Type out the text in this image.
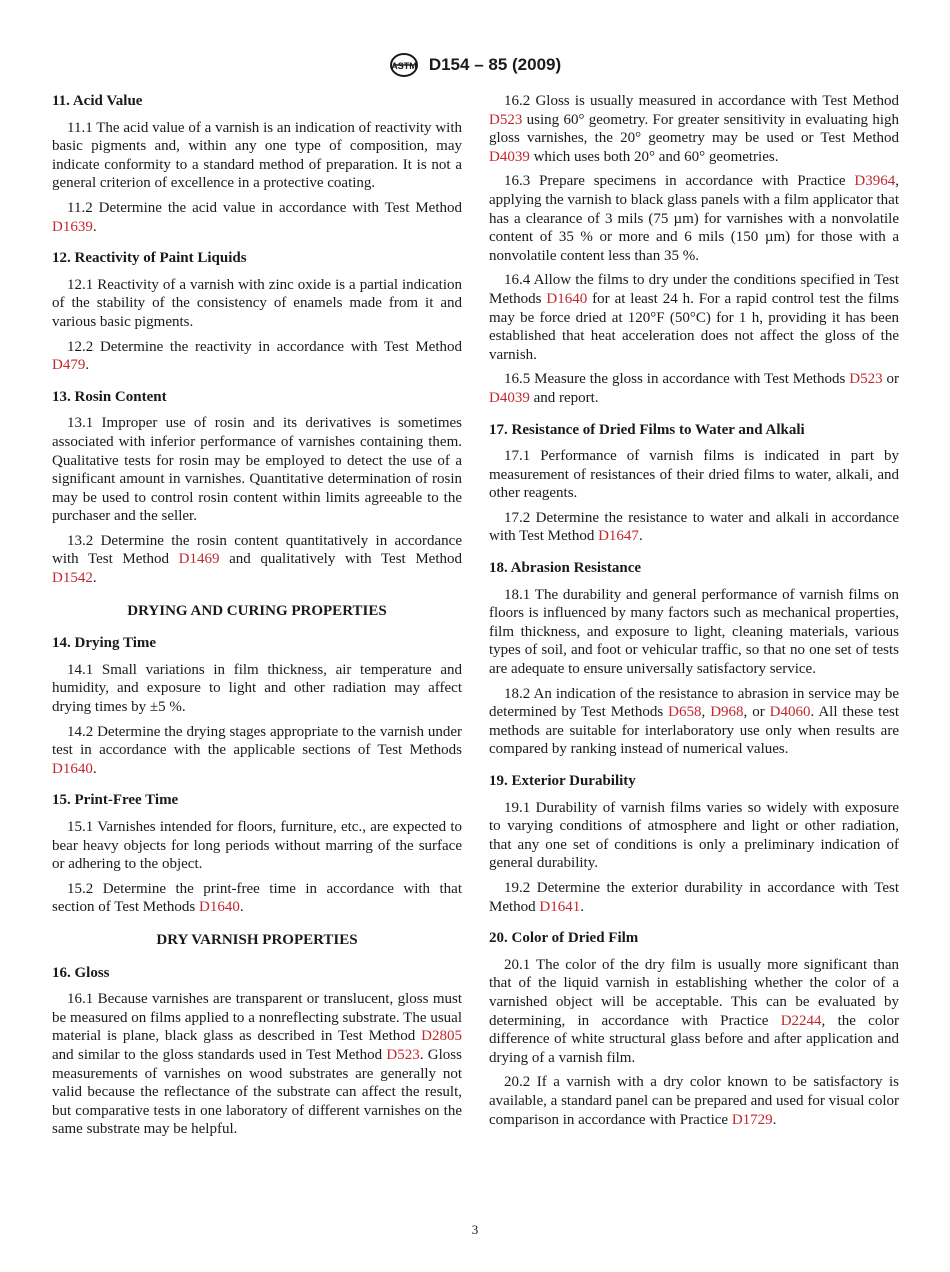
ASTM D154 – 85 (2009)
11. Acid Value

11.1 The acid value of a varnish is an indication of reactivity with basic pigments and, within any one type of composition, may indicate conformity to a standard method of preparation. It is not a general criterion of excellence in a protective coating.

11.2 Determine the acid value in accordance with Test Method D1639.

12. Reactivity of Paint Liquids

12.1 Reactivity of a varnish with zinc oxide is a partial indication of the stability of the consistency of enamels made from it and various basic pigments.

12.2 Determine the reactivity in accordance with Test Method D479.

13. Rosin Content

13.1 Improper use of rosin and its derivatives is sometimes associated with inferior performance of varnishes containing them. Qualitative tests for rosin may be employed to detect the use of a significant amount in varnishes. Quantitative determination of rosin may be used to control rosin content within limits agreeable to the purchaser and the seller.

13.2 Determine the rosin content quantitatively in accordance with Test Method D1469 and qualitatively with Test Method D1542.

DRYING AND CURING PROPERTIES
14. Drying Time

14.1 Small variations in film thickness, air temperature and humidity, and exposure to light and other radiation may affect drying times by ±5 %.

14.2 Determine the drying stages appropriate to the varnish under test in accordance with the applicable sections of Test Methods D1640.

15. Print-Free Time

15.1 Varnishes intended for floors, furniture, etc., are expected to bear heavy objects for long periods without marring of the surface or adhering to the object.

15.2 Determine the print-free time in accordance with that section of Test Methods D1640.

DRY VARNISH PROPERTIES
16. Gloss

16.1 Because varnishes are transparent or translucent, gloss must be measured on films applied to a nonreflecting substrate. The usual material is plane, black glass as described in Test Method D2805 and similar to the gloss standards used in Test Method D523. Gloss measurements of varnishes on wood substrates are generally not valid because the reflectance of the substrate can affect the result, but comparative tests in one laboratory of different varnishes on the same substrate may be helpful.

16.2 Gloss is usually measured in accordance with Test Method D523 using 60° geometry. For greater sensitivity in evaluating high gloss varnishes, the 20° geometry may be used or Test Method D4039 which uses both 20° and 60° geometries.

16.3 Prepare specimens in accordance with Practice D3964, applying the varnish to black glass panels with a film applicator that has a clearance of 3 mils (75 µm) for varnishes with a nonvolatile content of 35 % or more and 6 mils (150 µm) for those with a nonvolatile content less than 35 %.

16.4 Allow the films to dry under the conditions specified in Test Methods D1640 for at least 24 h. For a rapid control test the films may be force dried at 120°F (50°C) for 1 h, providing it has been established that heat acceleration does not affect the gloss of the varnish.

16.5 Measure the gloss in accordance with Test Methods D523 or D4039 and report.

17. Resistance of Dried Films to Water and Alkali

17.1 Performance of varnish films is indicated in part by measurement of resistances of their dried films to water, alkali, and other reagents.

17.2 Determine the resistance to water and alkali in accordance with Test Method D1647.

18. Abrasion Resistance

18.1 The durability and general performance of varnish films on floors is influenced by many factors such as mechanical properties, film thickness, and exposure to light, cleaning materials, various types of soil, and foot or vehicular traffic, so that no one set of tests are adequate to ensure universally satisfactory service.

18.2 An indication of the resistance to abrasion in service may be determined by Test Methods D658, D968, or D4060. All these test methods are suitable for interlaboratory use only when results are compared by ranking instead of numerical values.

19. Exterior Durability

19.1 Durability of varnish films varies so widely with exposure to varying conditions of atmosphere and light or other radiation, that any one set of conditions is only a preliminary indication of general durability.

19.2 Determine the exterior durability in accordance with Test Method D1641.

20. Color of Dried Film

20.1 The color of the dry film is usually more significant than that of the liquid varnish in establishing whether the color of a varnished object will be acceptable. This can be evaluated by determining, in accordance with Practice D2244, the color difference of white structural glass before and after application and drying of a varnish film.

20.2 If a varnish with a dry color known to be satisfactory is available, a standard panel can be prepared and used for visual color comparison in accordance with Practice D1729.

3
